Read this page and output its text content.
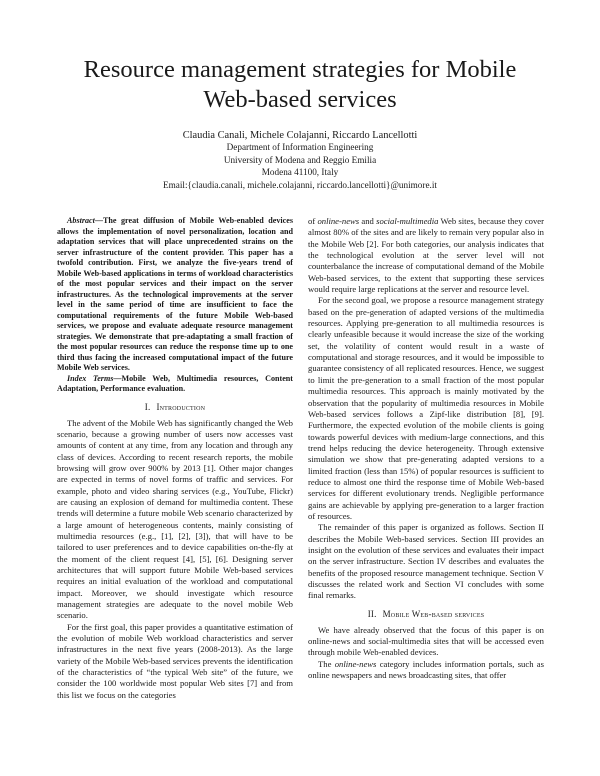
Resource management strategies for Mobile
Web-based services
Claudia Canali, Michele Colajanni, Riccardo Lancellotti
Department of Information Engineering
University of Modena and Reggio Emilia
Modena 41100, Italy
Email:{claudia.canali, michele.colajanni, riccardo.lancellotti}@unimore.it

Abstract—The great diffusion of Mobile Web-enabled devices allows the implementation of novel personalization, location and adaptation services that will place unprecedented strains on the server infrastructure of the content provider. This paper has a twofold contribution. First, we analyze the five-years trend of Mobile Web-based applications in terms of workload characteristics of the most popular services and their impact on the server infrastructures. As the technological improvements at the server level in the same period of time are insufficient to face the computational requirements of the future Mobile Web-based services, we propose and evaluate adequate resource management strategies. We demonstrate that pre-adaptating a small fraction of the most popular resources can reduce the response time up to one third thus facing the increased computational impact of the future Mobile Web services.

Index Terms—Mobile Web, Multimedia resources, Content Adaptation, Performance evaluation.

I. Introduction

The advent of the Mobile Web has significantly changed the Web scenario, because a growing number of users now accesses vast amounts of content at any time, from any location and through any class of devices. According to recent research reports, the mobile browsing will grow over 900% by 2013 [1]. Other major changes are expected in terms of novel forms of traffic and services. For example, photo and video sharing services (e.g., YouTube, Flickr) are causing an explosion of demand for multimedia content. These trends will determine a future mobile Web scenario characterized by a large amount of heterogeneous contents, mainly consisting of multimedia resources (e.g., [1], [2], [3]), that will have to be tailored to user preferences and to device capabilities on-the-fly at the moment of the client request [4], [5], [6]. Designing server architectures that will support future Mobile Web-based services requires an initial evaluation of the workload and computational impact. Moreover, we should investigate which resource management strategies are adequate to the novel mobile Web scenario.

For the first goal, this paper provides a quantitative estimation of the evolution of mobile Web workload characteristics and server infrastructures in the next five years (2008-2013). As the large variety of the Mobile Web-based services prevents the identification of the characteristics of “the typical Web site” of the future, we consider the 100 worldwide most popular Web sites [7] and from this list we focus on the categories

of online-news and social-multimedia Web sites, because they cover almost 80% of the sites and are likely to remain very popular also in the Mobile Web [2]. For both categories, our analysis indicates that the technological evolution at the server level will not counterbalance the increase of computational demand of the Mobile Web-based services, to the extent that supporting these services would require large replications at the server and resource level.

For the second goal, we propose a resource management strategy based on the pre-generation of adapted versions of the multimedia resources. Applying pre-generation to all multimedia resources is clearly unfeasible because it would increase the size of the working set, the volatility of content would result in a waste of computational and storage resources, and it would be impossible to guarantee consistency of all replicated resources. Hence, we suggest to limit the pre-generation to a small fraction of the most popular multimedia resources. This approach is mainly motivated by the observation that the popularity of multimedia resources in Mobile Web-based services follows a Zipf-like distribution [8], [9]. Furthermore, the expected evolution of the mobile clients is going towards powerful devices with medium-large connections, and this trend helps reducing the device heterogeneity. Through extensive simulation we show that pre-generating adapted versions to a limited fraction (less than 15%) of popular resources is sufficient to reduce to almost one third the response time of Mobile Web-based services for different evolutionary trends. Negligible performance gains are achievable by applying pre-generation to a larger fraction of resources.

The remainder of this paper is organized as follows. Section II describes the Mobile Web-based services. Section III provides an insight on the evolution of these services and evaluates their impact on the server infrastructure. Section IV describes and evaluates the benefits of the proposed resource management technique. Section V discusses the related work and Section VI concludes with some final remarks.

II. Mobile Web-based services

We have already observed that the focus of this paper is on online-news and social-multimedia sites that will be accessed even through mobile Web-enabled devices.

The online-news category includes information portals, such as online newspapers and news broadcasting sites, that offer
